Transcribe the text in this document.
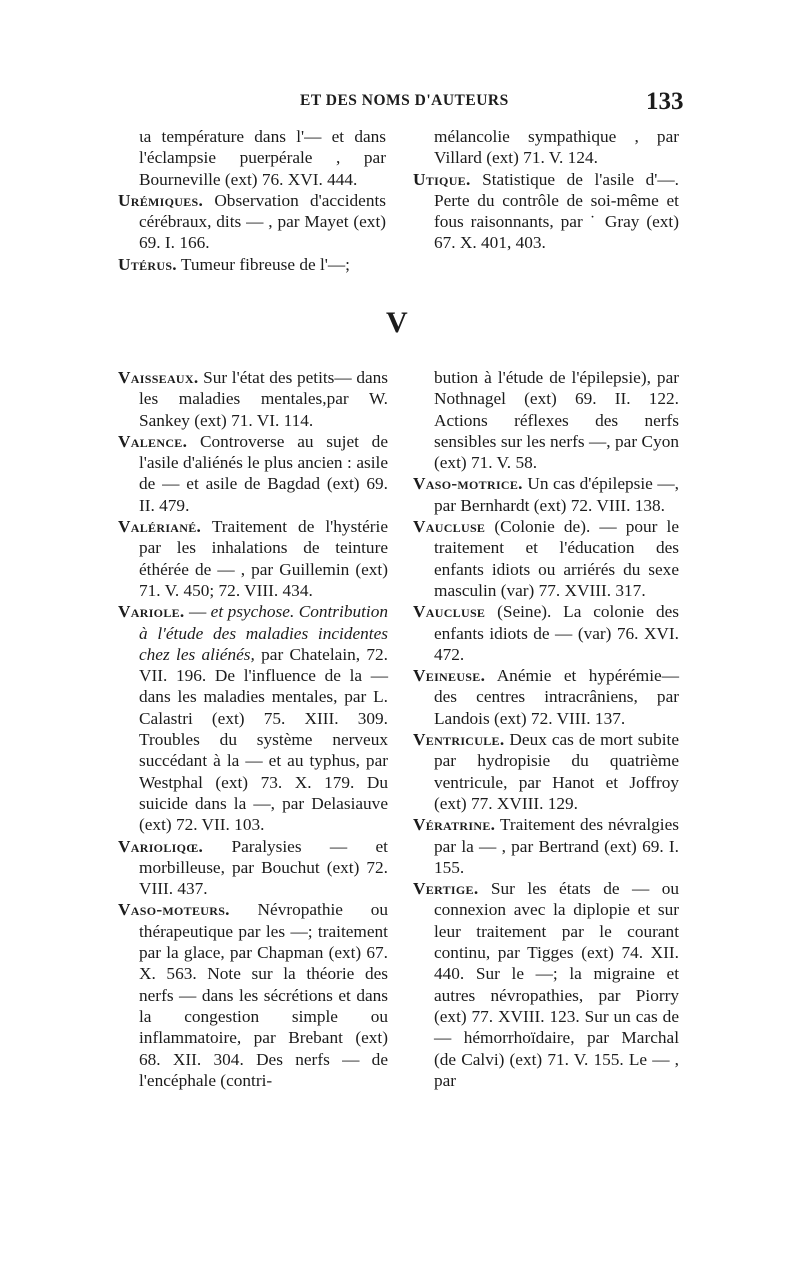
ET DES NOMS D'AUTEURS	133

ɩa température dans l'— et dans l'éclampsie puerpérale , par Bourneville (ext) 76. XVI. 444.

Urémiques. Observation d'accidents cérébraux, dits — , par Mayet (ext) 69. I. 166.

Utérus. Tumeur fibreuse de l'—;

mélancolie sympathique , par Villard (ext) 71. V. 124.

Utique. Statistique de l'asile d'—. Perte du contrôle de soi-même et fous raisonnants, par ˙ Gray (ext) 67. X. 401, 403.

V

Vaisseaux. Sur l'état des petits— dans les maladies mentales,par W. Sankey (ext) 71. VI. 114.

Valence. Controverse au sujet de l'asile d'aliénés le plus ancien : asile de — et asile de Bagdad (ext) 69. II. 479.

Valériané. Traitement de l'hystérie par les inhalations de teinture éthérée de — , par Guillemin (ext) 71. V. 450; 72. VIII. 434.

Variole. — et psychose. Contribution à l'étude des maladies incidentes chez les aliénés, par Chatelain, 72. VII. 196. De l'influence de la — dans les maladies mentales, par L. Calastri (ext) 75. XIII. 309. Troubles du système nerveux succédant à la — et au typhus, par Westphal (ext) 73. X. 179. Du suicide dans la —, par Delasiauve (ext) 72. VII. 103.

Varioliqœ. Paralysies — et morbilleuse, par Bouchut (ext) 72. VIII. 437.

Vaso-moteurs. Névropathie ou thérapeutique par les —; traitement par la glace, par Chapman (ext) 67. X. 563. Note sur la théorie des nerfs — dans les sécrétions et dans la congestion simple ou inflammatoire, par Brebant (ext) 68. XII. 304. Des nerfs — de l'encéphale (contri-

bution à l'étude de l'épilepsie), par Nothnagel (ext) 69. II. 122. Actions réflexes des nerfs sensibles sur les nerfs —, par Cyon (ext) 71. V. 58.

Vaso-motrice. Un cas d'épilepsie —, par Bernhardt (ext) 72. VIII. 138.

Vaucluse (Colonie de). — pour le traitement et l'éducation des enfants idiots ou arriérés du sexe masculin (var) 77. XVIII. 317.

Vaucluse (Seine). La colonie des enfants idiots de — (var) 76. XVI. 472.

Veineuse. Anémie et hypérémie— des centres intracrâniens, par Landois (ext) 72. VIII. 137.

Ventricule. Deux cas de mort subite par hydropisie du quatrième ventricule, par Hanot et Joffroy (ext) 77. XVIII. 129.

Vératrine. Traitement des névralgies par la — , par Bertrand (ext) 69. I. 155.

Vertige. Sur les états de — ou connexion avec la diplopie et sur leur traitement par le courant continu, par Tigges (ext) 74. XII. 440. Sur le —; la migraine et autres névropathies, par Piorry (ext) 77. XVIII. 123. Sur un cas de — hémorrhoïdaire, par Marchal (de Calvi) (ext) 71. V. 155. Le — , par
